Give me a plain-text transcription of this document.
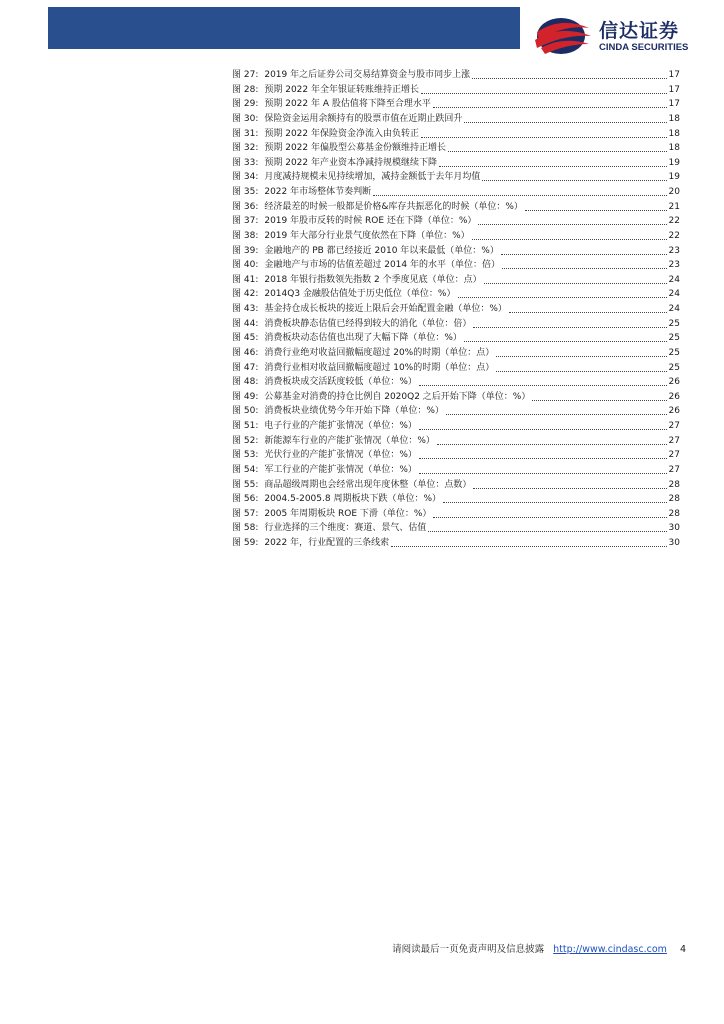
信达证券
CINDA SECURITIES
图 27: 2019 年之后证券公司交易结算资金与股市同步上涨	17
图 28: 预期 2022 年全年银证转账维持正增长	17
图 29: 预期 2022 年 A 股估值将下降至合理水平	17
图 30: 保险资金运用余额持有的股票市值在近期止跌回升	18
图 31: 预期 2022 年保险资金净流入由负转正	18
图 32: 预期 2022 年偏股型公募基金份额维持正增长	18
图 33: 预期 2022 年产业资本净减持规模继续下降	19
图 34: 月度减持规模未见持续增加，减持金额低于去年月均值	19
图 35: 2022 年市场整体节奏判断	20
图 36: 经济最差的时候一般都是价格&库存共振恶化的时候（单位：%）	21
图 37: 2019 年股市反转的时候 ROE 还在下降（单位：%）	22
图 38: 2019 年大部分行业景气度依然在下降（单位：%）	22
图 39: 金融地产的 PB 都已经接近 2010 年以来最低（单位：%）	23
图 40: 金融地产与市场的估值差超过 2014 年的水平（单位：倍）	23
图 41: 2018 年银行指数领先指数 2 个季度见底（单位：点）	24
图 42: 2014Q3 金融股估值处于历史低位（单位：%）	24
图 43: 基金持仓成长板块的接近上限后会开始配置金融（单位：%）	24
图 44: 消费板块静态估值已经得到较大的消化（单位：倍）	25
图 45: 消费板块动态估值也出现了大幅下降（单位：%）	25
图 46: 消费行业绝对收益回撤幅度超过 20%的时期（单位：点）	25
图 47: 消费行业相对收益回撤幅度超过 10%的时期（单位：点）	25
图 48: 消费板块成交活跃度较低（单位：%）	26
图 49: 公募基金对消费的持仓比例自 2020Q2 之后开始下降（单位：%）	26
图 50: 消费板块业绩优势今年开始下降（单位：%）	26
图 51: 电子行业的产能扩张情况（单位：%）	27
图 52: 新能源车行业的产能扩张情况（单位：%）	27
图 53: 光伏行业的产能扩张情况（单位：%）	27
图 54: 军工行业的产能扩张情况（单位：%）	27
图 55: 商品超级周期也会经常出现年度休整（单位：点数）	28
图 56: 2004.5-2005.8 周期板块下跌（单位：%）	28
图 57: 2005 年周期板块 ROE 下滑（单位：%）	28
图 58: 行业选择的三个维度：赛道、景气、估值	30
图 59: 2022 年，行业配置的三条线索	30
请阅读最后一页免责声明及信息披露 http://www.cindasc.com 4
